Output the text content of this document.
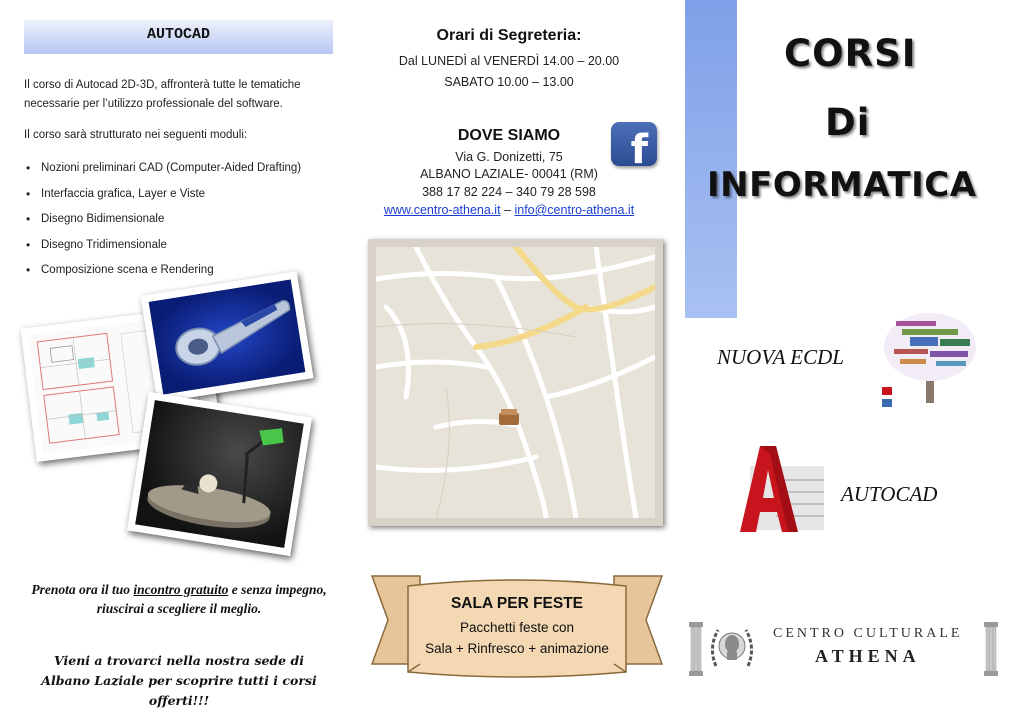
AUTOCAD

Il corso di Autocad 2D-3D, affronterà tutte le tematiche necessarie per l’utilizzo professionale del software.

Il corso sarà strutturato nei seguenti moduli:

• Nozioni preliminari CAD (Computer-Aided Drafting)
• Interfaccia grafica, Layer e Viste
• Disegno Bidimensionale
• Disegno Tridimensionale
• Composizione scena e Rendering

Prenota ora il tuo incontro gratuito e senza impegno, riuscirai a scegliere il meglio.

Vieni a trovarci nella nostra sede di Albano Laziale per scoprire tutti i corsi offerti!!!

Orari di Segreteria:
Dal LUNEDÌ al VENERDÌ 14.00 – 20.00
SABATO 10.00 – 13.00
DOVE SIAMO	f
Via G. Donizetti, 75
ALBANO LAZIALE- 00041 (RM)
388 17 82 224 – 340 79 28 598
www.centro-athena.it – info@centro-athena.it
SALA PER FESTE
Pacchetti feste con
Sala + Rinfresco + animazione
CORSI
Di
INFORMATICA
NUOVA ECDL
AUTOCAD
CENTRO CULTURALE
ATHENA
